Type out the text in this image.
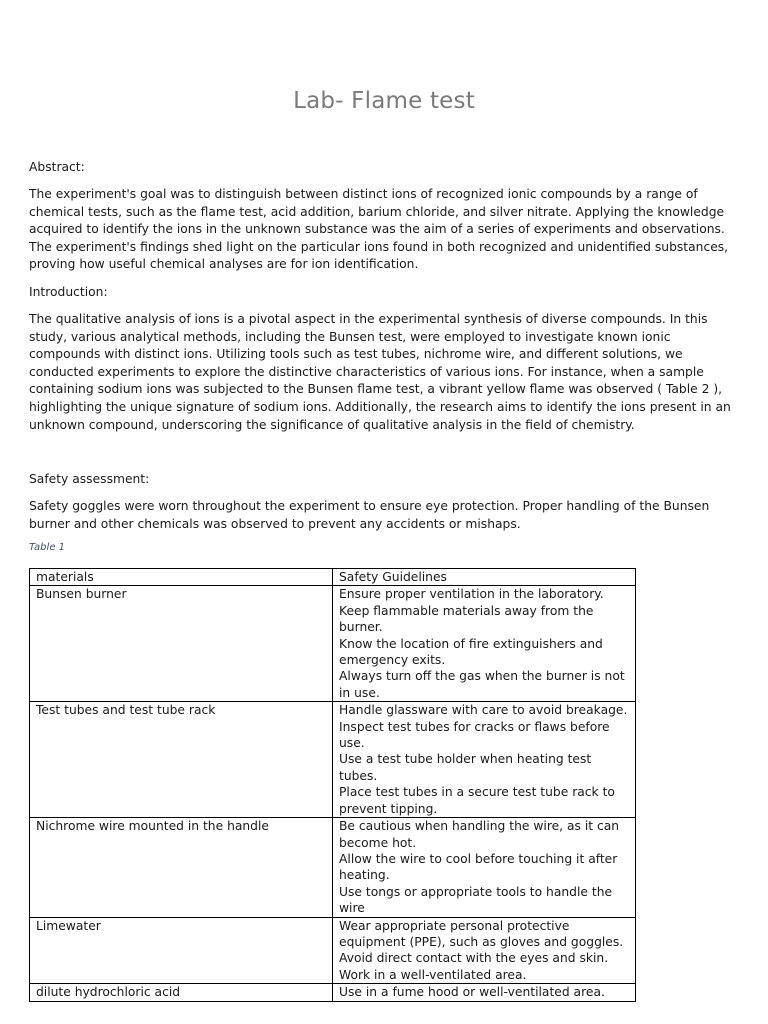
Lab- Flame test

Abstract:

The experiment's goal was to distinguish between distinct ions of recognized ionic compounds by a range of chemical tests, such as the flame test, acid addition, barium chloride, and silver nitrate. Applying the knowledge acquired to identify the ions in the unknown substance was the aim of a series of experiments and observations. The experiment's findings shed light on the particular ions found in both recognized and unidentified substances, proving how useful chemical analyses are for ion identification.

Introduction:

The qualitative analysis of ions is a pivotal aspect in the experimental synthesis of diverse compounds. In this study, various analytical methods, including the Bunsen test, were employed to investigate known ionic compounds with distinct ions. Utilizing tools such as test tubes, nichrome wire, and different solutions, we conducted experiments to explore the distinctive characteristics of various ions. For instance, when a sample containing sodium ions was subjected to the Bunsen flame test, a vibrant yellow flame was observed ( Table 2 ), highlighting the unique signature of sodium ions. Additionally, the research aims to identify the ions present in an unknown compound, underscoring the significance of qualitative analysis in the field of chemistry.

Safety assessment:

Safety goggles were worn throughout the experiment to ensure eye protection. Proper handling of the Bunsen burner and other chemicals was observed to prevent any accidents or mishaps.

Table 1
materials	Safety Guidelines
Bunsen burner	Ensure proper ventilation in the laboratory.
Keep flammable materials away from the burner.
Know the location of fire extinguishers and emergency exits.
Always turn off the gas when the burner is not in use.

Test tubes and test tube rack	Handle glassware with care to avoid breakage.
Inspect test tubes for cracks or flaws before use.
Use a test tube holder when heating test tubes.
Place test tubes in a secure test tube rack to prevent tipping.

Nichrome wire mounted in the handle	Be cautious when handling the wire, as it can become hot.
Allow the wire to cool before touching it after heating.
Use tongs or appropriate tools to handle the wire

Limewater	Wear appropriate personal protective equipment (PPE), such as gloves and goggles.
Avoid direct contact with the eyes and skin.
Work in a well-ventilated area.

dilute hydrochloric acid	Use in a fume hood or well-ventilated area.
